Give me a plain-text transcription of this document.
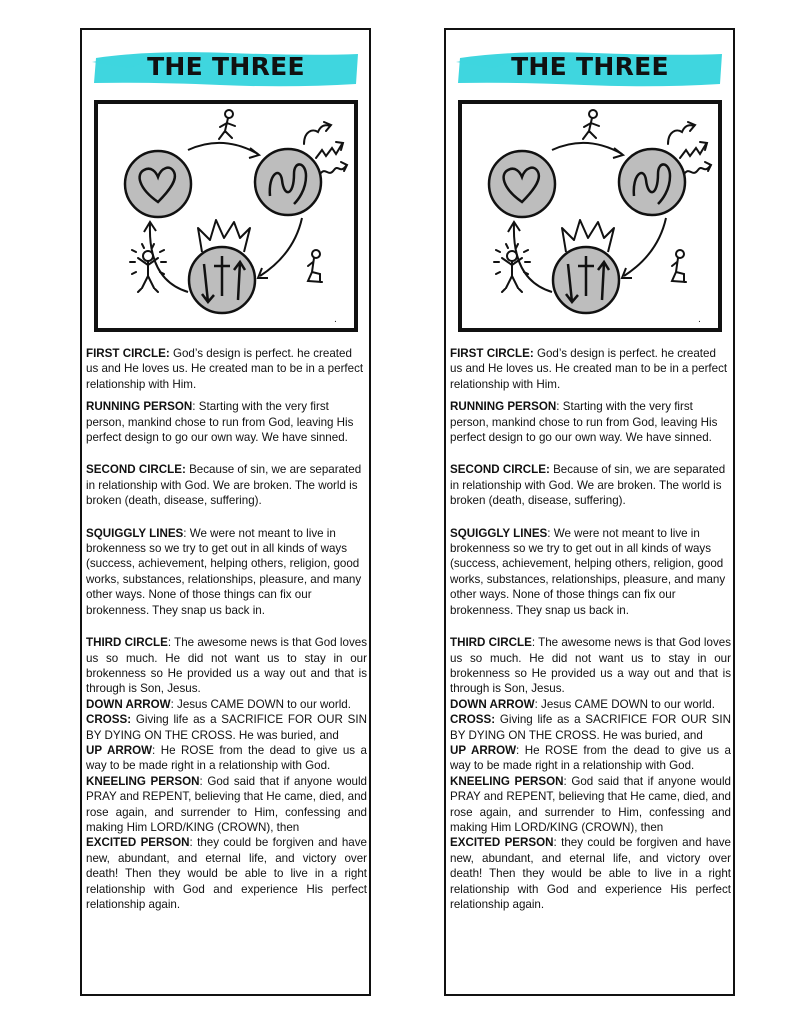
THE THREE
.

FIRST CIRCLE: God’s design is perfect. he created us and He loves us. He created man to be in a perfect relationship with Him.

RUNNING PERSON: Starting with the very first person, mankind chose to run from God, leaving His perfect design to go our own way. We have sinned.

SECOND CIRCLE: Because of sin, we are separated in relationship with God. We are broken. The world is broken (death, disease, suffering).

SQUIGGLY LINES: We were not meant to live in brokenness so we try to get out in all kinds of ways (success, achievement, helping others, religion, good works, substances, relationships, pleasure, and many other ways. None of those things can fix our brokenness. They snap us back in.

THIRD CIRCLE: The awesome news is that God loves us so much. He did not want us to stay in our brokenness so He provided us a way out and that is through is Son, Jesus.

DOWN ARROW: Jesus CAME DOWN to our world.

CROSS: Giving life as a SACRIFICE FOR OUR SIN BY DYING ON THE CROSS. He was buried, and

UP ARROW: He ROSE from the dead to give us a way to be made right in a relationship with God.

KNEELING PERSON: God said that if anyone would PRAY and REPENT, believing that He came, died, and rose again, and surrender to Him, confessing and making Him LORD/KING (CROWN), then

EXCITED PERSON: they could be forgiven and have new, abundant, and eternal life, and victory over death! Then they would be able to live in a right relationship with God and experience His perfect relationship again.

THE THREE
.

FIRST CIRCLE: God’s design is perfect. he created us and He loves us. He created man to be in a perfect relationship with Him.

RUNNING PERSON: Starting with the very first person, mankind chose to run from God, leaving His perfect design to go our own way. We have sinned.

SECOND CIRCLE: Because of sin, we are separated in relationship with God. We are broken. The world is broken (death, disease, suffering).

SQUIGGLY LINES: We were not meant to live in brokenness so we try to get out in all kinds of ways (success, achievement, helping others, religion, good works, substances, relationships, pleasure, and many other ways. None of those things can fix our brokenness. They snap us back in.

THIRD CIRCLE: The awesome news is that God loves us so much. He did not want us to stay in our brokenness so He provided us a way out and that is through is Son, Jesus.

DOWN ARROW: Jesus CAME DOWN to our world.

CROSS: Giving life as a SACRIFICE FOR OUR SIN BY DYING ON THE CROSS. He was buried, and

UP ARROW: He ROSE from the dead to give us a way to be made right in a relationship with God.

KNEELING PERSON: God said that if anyone would PRAY and REPENT, believing that He came, died, and rose again, and surrender to Him, confessing and making Him LORD/KING (CROWN), then

EXCITED PERSON: they could be forgiven and have new, abundant, and eternal life, and victory over death! Then they would be able to live in a right relationship with God and experience His perfect relationship again.
